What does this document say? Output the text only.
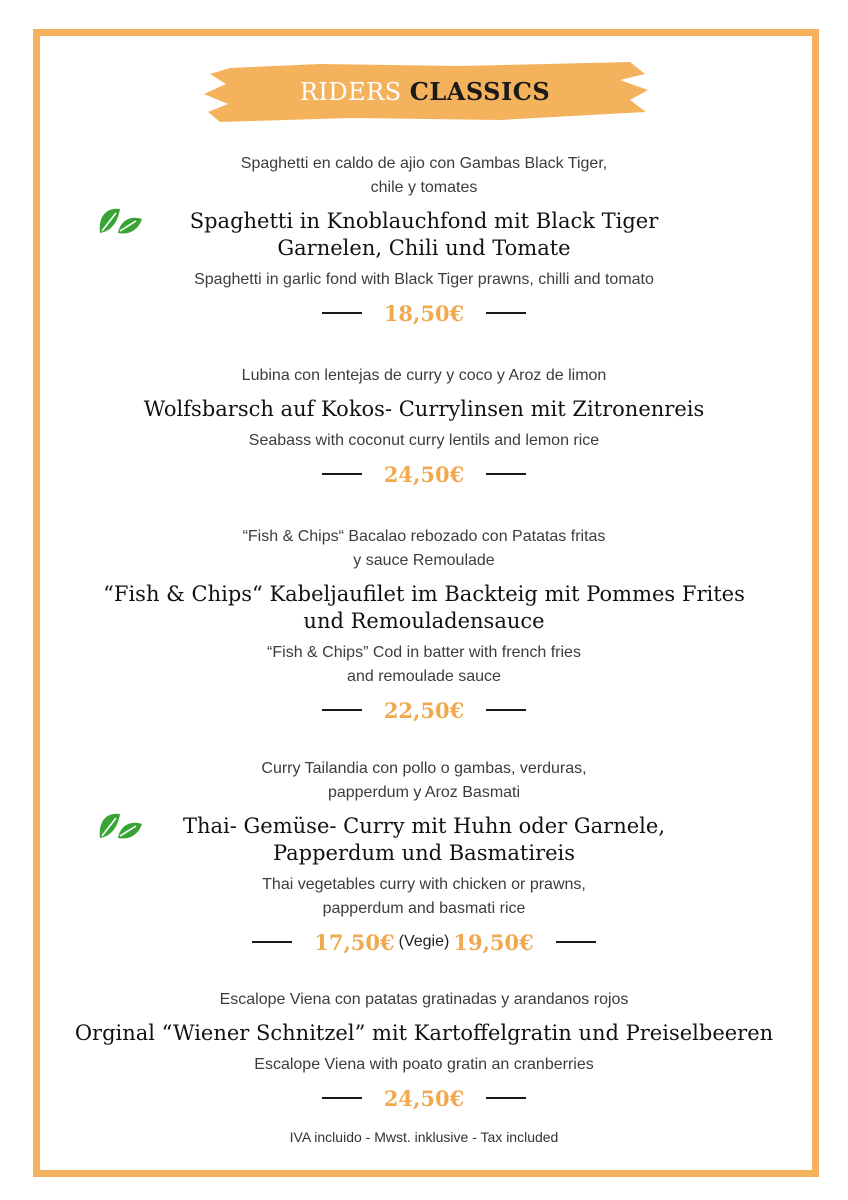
RIDERS CLASSICS
Spaghetti en caldo de ajio con Gambas Black Tiger,
chile y tomates
Spaghetti in Knoblauchfond mit Black Tiger
Garnelen, Chili und Tomate
Spaghetti in garlic fond with Black Tiger prawns, chilli and tomato
18,50€
Lubina con lentejas de curry y coco y Aroz de limon
Wolfsbarsch auf Kokos- Currylinsen mit Zitronenreis
Seabass with coconut curry lentils and lemon rice
24,50€
“Fish & Chips“ Bacalao rebozado con Patatas fritas
y sauce Remoulade
“Fish & Chips“ Kabeljaufilet im Backteig mit Pommes Frites
und Remouladensauce
“Fish & Chips” Cod in batter with french fries
and remoulade sauce
22,50€
Curry Tailandia con pollo o gambas, verduras,
papperdum y Aroz Basmati
Thai- Gemüse- Curry mit Huhn oder Garnele,
Papperdum und Basmatireis
Thai vegetables curry with chicken or prawns,
papperdum and basmati rice
17,50€ (Vegie) 19,50€
Escalope Viena con patatas gratinadas y arandanos rojos
Orginal “Wiener Schnitzel” mit Kartoffelgratin und Preiselbeeren
Escalope Viena with poato gratin an cranberries
24,50€
IVA incluido - Mwst. inklusive - Tax included
